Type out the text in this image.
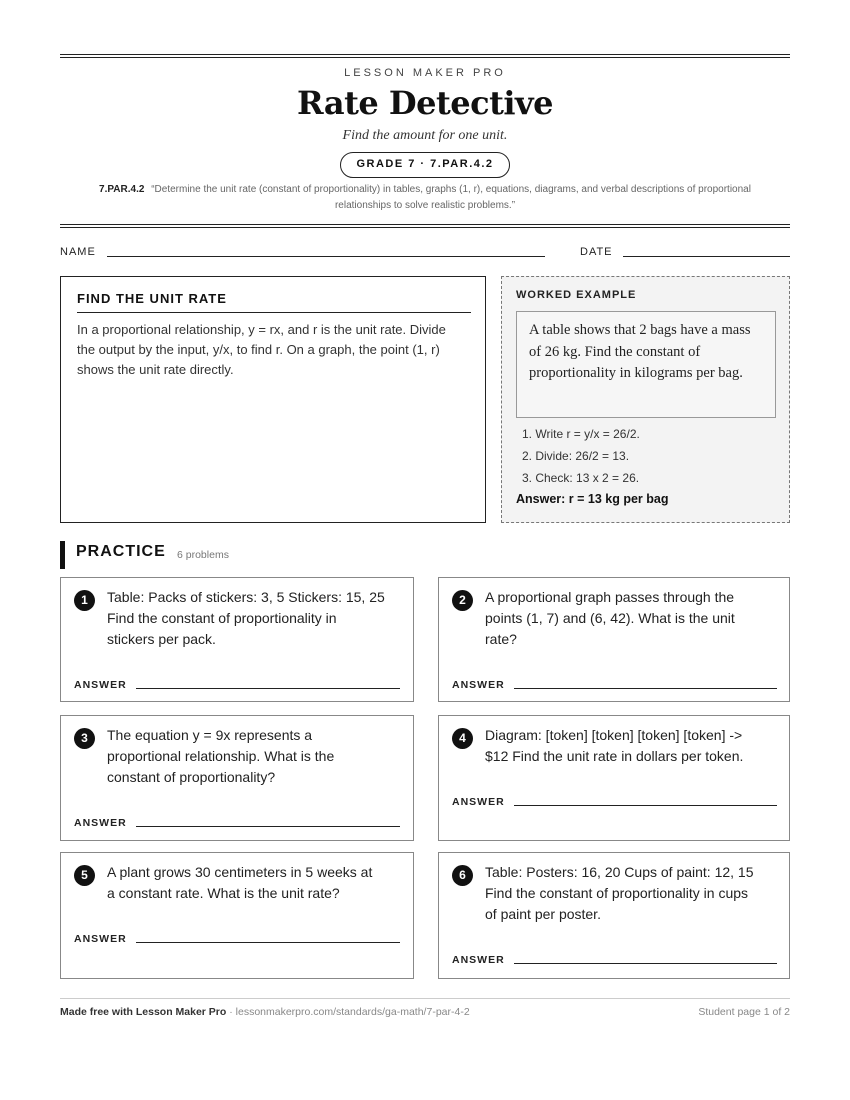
LESSON MAKER PRO
Rate Detective
Find the amount for one unit.
GRADE 7 · 7.PAR.4.2
7.PAR.4.2 “Determine the unit rate (constant of proportionality) in tables, graphs (1, r), equations, diagrams, and verbal descriptions of proportional relationships to solve realistic problems.”
NAME	DATE
FIND THE UNIT RATE
In a proportional relationship, y = rx, and r is the unit rate. Divide the output by the input, y/x, to find r. On a graph, the point (1, r) shows the unit rate directly.
WORKED EXAMPLE
A table shows that 2 bags have a mass of 26 kg. Find the constant of proportionality in kilograms per bag.
1. Write r = y/x = 26/2.
2. Divide: 26/2 = 13.
3. Check: 13 x 2 = 26.
Answer: r = 13 kg per bag
PRACTICE 6 problems
1	Table: Packs of stickers: 3, 5 Stickers: 15, 25
Find the constant of proportionality in
stickers per pack.
ANSWER
2	A proportional graph passes through the
points (1, 7) and (6, 42). What is the unit
rate?
ANSWER
3	The equation y = 9x represents a
proportional relationship. What is the
constant of proportionality?
ANSWER
4	Diagram: [token] [token] [token] [token] ->
$12 Find the unit rate in dollars per token.
ANSWER
5	A plant grows 30 centimeters in 5 weeks at
a constant rate. What is the unit rate?
ANSWER
6	Table: Posters: 16, 20 Cups of paint: 12, 15
Find the constant of proportionality in cups
of paint per poster.
ANSWER
Made free with Lesson Maker Pro · lessonmakerpro.com/standards/ga-math/7-par-4-2	Student page 1 of 2
